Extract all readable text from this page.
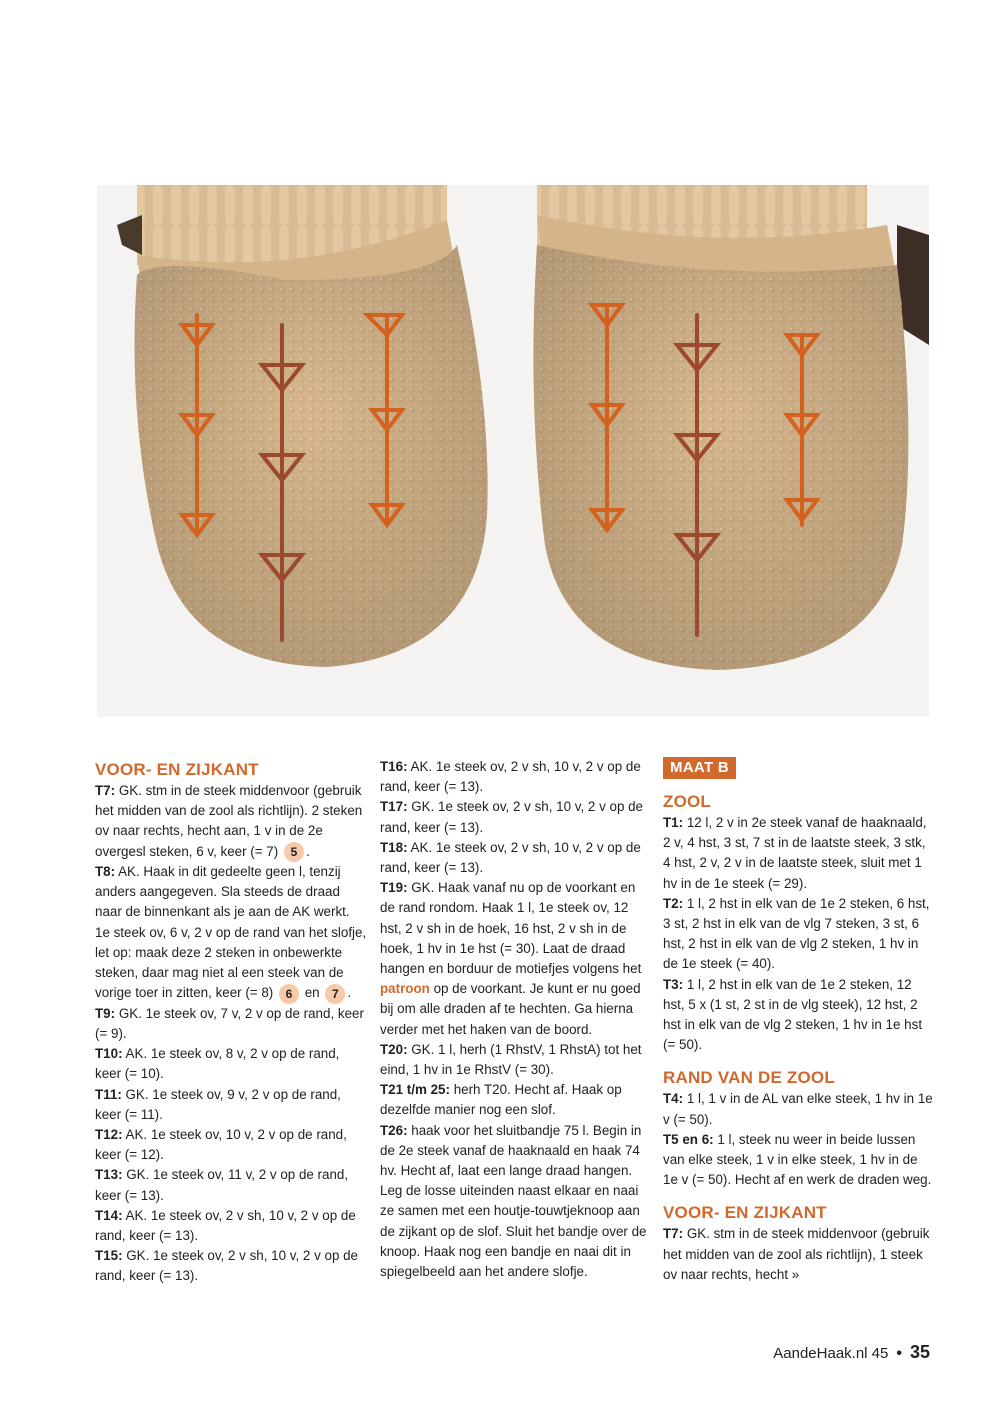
VOOR- EN ZIJKANT

T7: GK. stm in de steek middenvoor (gebruik het midden van de zool als richtlijn). 2 steken ov naar rechts, hecht aan, 1 v in de 2e overgesl steken, 6 v, keer (= 7) 5 .

T8: AK. Haak in dit gedeelte geen l, tenzij anders aangegeven. Sla steeds de draad naar de binnenkant als je aan de AK werkt. 1e steek ov, 6 v, 2 v op de rand van het slofje, let op: maak deze 2 steken in onbewerkte steken, daar mag niet al een steek van de vorige toer in zitten, keer (= 8) 6 en 7 .

T9: GK. 1e steek ov, 7 v, 2 v op de rand, keer (= 9).

T10: AK. 1e steek ov, 8 v, 2 v op de rand, keer (= 10).

T11: GK. 1e steek ov, 9 v, 2 v op de rand, keer (= 11).

T12: AK. 1e steek ov, 10 v, 2 v op de rand, keer (= 12).

T13: GK. 1e steek ov, 11 v, 2 v op de rand, keer (= 13).

T14: AK. 1e steek ov, 2 v sh, 10 v, 2 v op de rand, keer (= 13).

T15: GK. 1e steek ov, 2 v sh, 10 v, 2 v op de rand, keer (= 13).

T16: AK. 1e steek ov, 2 v sh, 10 v, 2 v op de rand, keer (= 13).

T17: GK. 1e steek ov, 2 v sh, 10 v, 2 v op de rand, keer (= 13).

T18: AK. 1e steek ov, 2 v sh, 10 v, 2 v op de rand, keer (= 13).

T19: GK. Haak vanaf nu op de voorkant en de rand rondom. Haak 1 l, 1e steek ov, 12 hst, 2 v sh in de hoek, 16 hst, 2 v sh in de hoek, 1 hv in 1e hst (= 30). Laat de draad hangen en borduur de motiefjes volgens het patroon op de voorkant. Je kunt er nu goed bij om alle draden af te hechten. Ga hierna verder met het haken van de boord.

T20: GK. 1 l, herh (1 RhstV, 1 RhstA) tot het eind, 1 hv in 1e RhstV (= 30).

T21 t/m 25: herh T20. Hecht af. Haak op dezelfde manier nog een slof.

T26: haak voor het sluitbandje 75 l. Begin in de 2e steek vanaf de haaknaald en haak 74 hv. Hecht af, laat een lange draad hangen. Leg de losse uiteinden naast elkaar en naai ze samen met een houtje-touwtjeknoop aan de zijkant op de slof. Sluit het bandje over de knoop. Haak nog een bandje en naai dit in spiegelbeeld aan het andere slofje.

MAAT B
ZOOL

T1: 12 l, 2 v in 2e steek vanaf de haaknaald, 2 v, 4 hst, 3 st, 7 st in de laatste steek, 3 stk, 4 hst, 2 v, 2 v in de laatste steek, sluit met 1 hv in de 1e steek (= 29).

T2: 1 l, 2 hst in elk van de 1e 2 steken, 6 hst, 3 st, 2 hst in elk van de vlg 7 steken, 3 st, 6 hst, 2 hst in elk van de vlg 2 steken, 1 hv in de 1e steek (= 40).

T3: 1 l, 2 hst in elk van de 1e 2 steken, 12 hst, 5 x (1 st, 2 st in de vlg steek), 12 hst, 2 hst in elk van de vlg 2 steken, 1 hv in 1e hst (= 50).

RAND VAN DE ZOOL

T4: 1 l, 1 v in de AL van elke steek, 1 hv in 1e v (= 50).

T5 en 6: 1 l, steek nu weer in beide lussen van elke steek, 1 v in elke steek, 1 hv in de 1e v (= 50). Hecht af en werk de draden weg.

VOOR- EN ZIJKANT

T7: GK. stm in de steek middenvoor (gebruik het midden van de zool als richtlijn), 1 steek ov naar rechts, hecht »

AandeHaak.nl 45 • 35
